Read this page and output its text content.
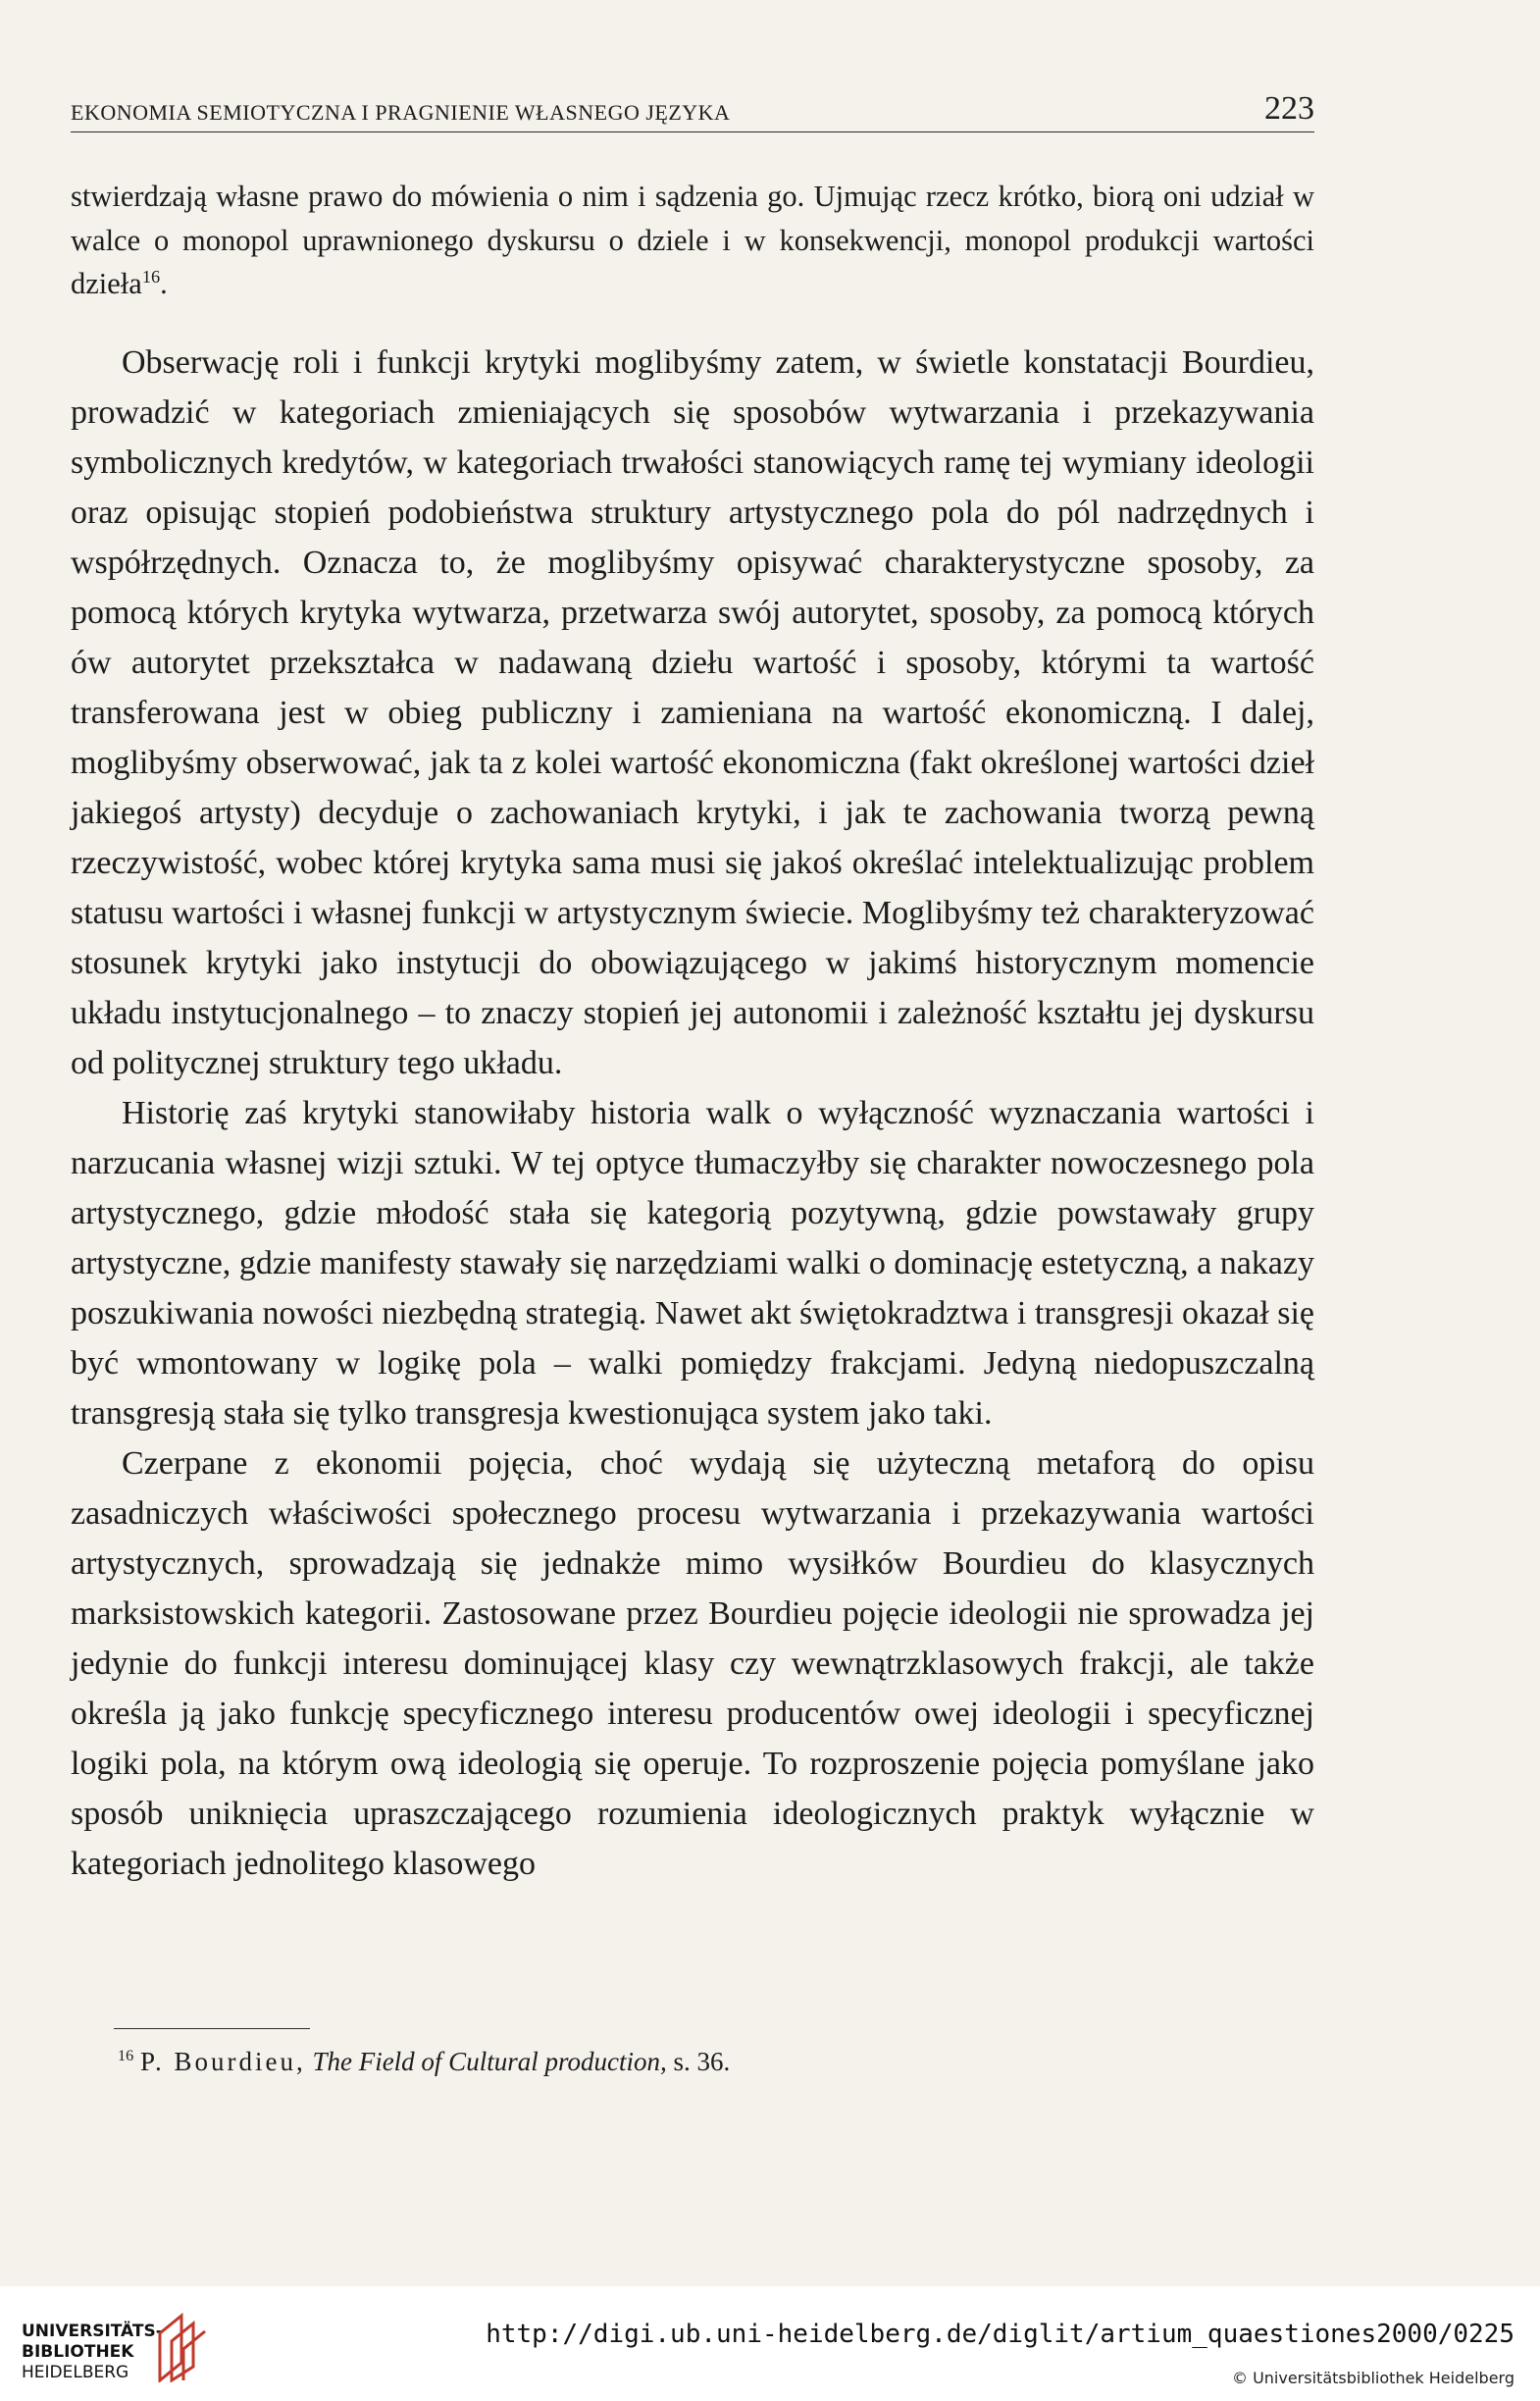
EKONOMIA SEMIOTYCZNA I PRAGNIENIE WŁASNEGO JĘZYKA	223

stwierdzają własne prawo do mówienia o nim i sądzenia go. Ujmując rzecz krótko, biorą oni udział w walce o monopol uprawnionego dyskursu o dziele i w konsekwencji, monopol produkcji wartości dzieła$^{16}$.

Obserwację roli i funkcji krytyki moglibyśmy zatem, w świetle konstatacji Bourdieu, prowadzić w kategoriach zmieniających się sposobów wytwarzania i przekazywania symbolicznych kredytów, w kategoriach trwałości stanowiących ramę tej wymiany ideologii oraz opisując stopień podobieństwa struktury artystycznego pola do pól nadrzędnych i współrzędnych. Oznacza to, że moglibyśmy opisywać charakterystyczne sposoby, za pomocą których krytyka wytwarza, przetwarza swój autorytet, sposoby, za pomocą których ów autorytet przekształca w nadawaną dziełu wartość i sposoby, którymi ta wartość transferowana jest w obieg publiczny i zamieniana na wartość ekonomiczną. I dalej, moglibyśmy obserwować, jak ta z kolei wartość ekonomiczna (fakt określonej wartości dzieł jakiegoś artysty) decyduje o zachowaniach krytyki, i jak te zachowania tworzą pewną rzeczywistość, wobec której krytyka sama musi się jakoś określać intelektualizując problem statusu wartości i własnej funkcji w artystycznym świecie. Moglibyśmy też charakteryzować stosunek krytyki jako instytucji do obowiązującego w jakimś historycznym momencie układu instytucjonalnego – to znaczy stopień jej autonomii i zależność kształtu jej dyskursu od politycznej struktury tego układu.

Historię zaś krytyki stanowiłaby historia walk o wyłączność wyznaczania wartości i narzucania własnej wizji sztuki. W tej optyce tłumaczyłby się charakter nowoczesnego pola artystycznego, gdzie młodość stała się kategorią pozytywną, gdzie powstawały grupy artystyczne, gdzie manifesty stawały się narzędziami walki o dominację estetyczną, a nakazy poszukiwania nowości niezbędną strategią. Nawet akt świętokradztwa i transgresji okazał się być wmontowany w logikę pola – walki pomiędzy frakcjami. Jedyną niedopuszczalną transgresją stała się tylko transgresja kwestionująca system jako taki.

Czerpane z ekonomii pojęcia, choć wydają się użyteczną metaforą do opisu zasadniczych właściwości społecznego procesu wytwarzania i przekazywania wartości artystycznych, sprowadzają się jednakże mimo wysiłków Bourdieu do klasycznych marksistowskich kategorii. Zastosowane przez Bourdieu pojęcie ideologii nie sprowadza jej jedynie do funkcji interesu dominującej klasy czy wewnątrzklasowych frakcji, ale także określa ją jako funkcję specyficznego interesu producentów owej ideologii i specyficznej logiki pola, na którym ową ideologią się operuje. To rozproszenie pojęcia pomyślane jako sposób uniknięcia upraszczającego rozumienia ideologicznych praktyk wyłącznie w kategoriach jednolitego klasowego

$^{16}$ P. Bourdieu, The Field of Cultural production, s. 36.
UNIVERSITÄTS-
BIBLIOTHEK
HEIDELBERG
http://digi.ub.uni-heidelberg.de/diglit/artium_quaestiones2000/0225
© Universitätsbibliothek Heidelberg
